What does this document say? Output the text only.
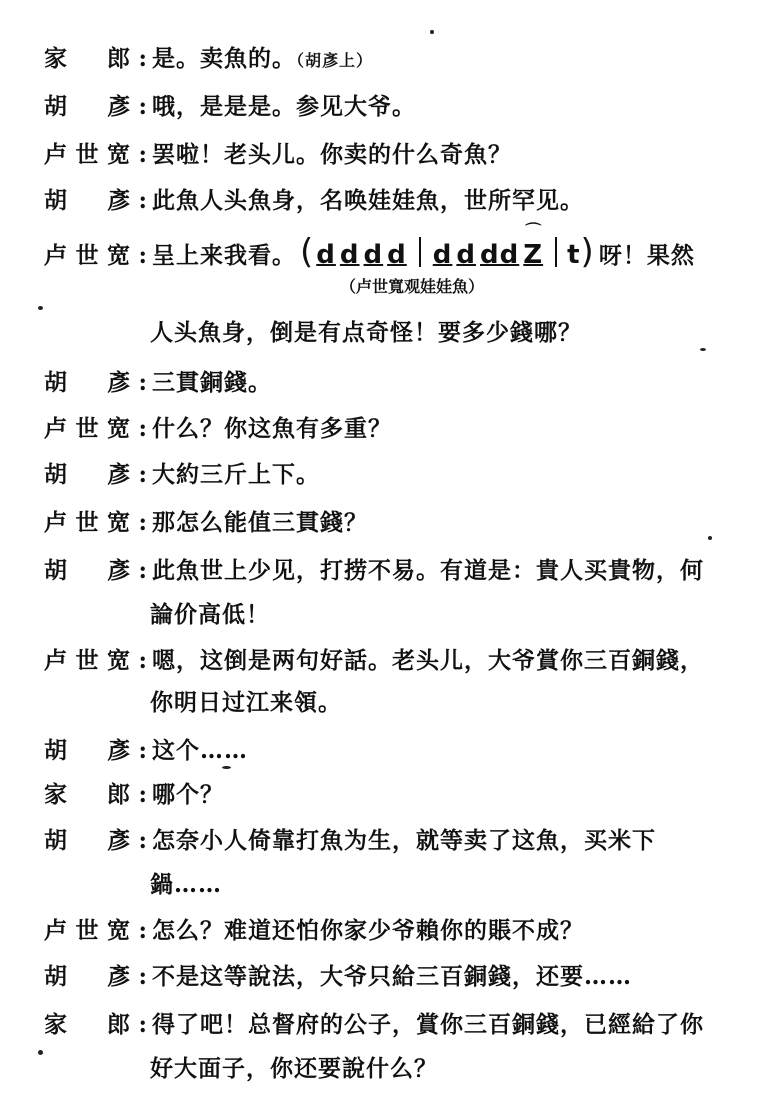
家　郎: 是。卖魚的。（胡彥上）
胡　彥: 哦，是是是。参见大爷。
卢世宽: 罢啦！老头儿。你卖的什么奇魚？
胡　彥: 此魚人头魚身，名唤娃娃魚，世所罕见。
卢世宽: 呈上来我看。 ( d d d d d d dd
⌒ Z t ) 呀！果然
（卢世寬观娃娃魚）
人头魚身，倒是有点奇怪！要多少錢哪？
胡　彥: 三貫銅錢。
卢世宽: 什么？你这魚有多重？
胡　彥: 大約三斤上下。
卢世宽: 那怎么能值三貫錢？
胡　彥: 此魚世上少见，打捞不易。有道是：貴人买貴物，何
論价高低！
卢世宽: 嗯，这倒是两句好話。老头儿，大爷賞你三百銅錢，
你明日过江来領。
胡　彥: 这个……
家　郎: 哪个？
胡　彥: 怎奈小人倚靠打魚为生，就等卖了这魚，买米下
鍋……
卢世宽: 怎么？难道还怕你家少爷賴你的賬不成？
胡　彥: 不是这等說法，大爷只給三百銅錢，还要……
家　郎: 得了吧！总督府的公子，賞你三百銅錢，已經給了你
好大面子，你还要說什么？
